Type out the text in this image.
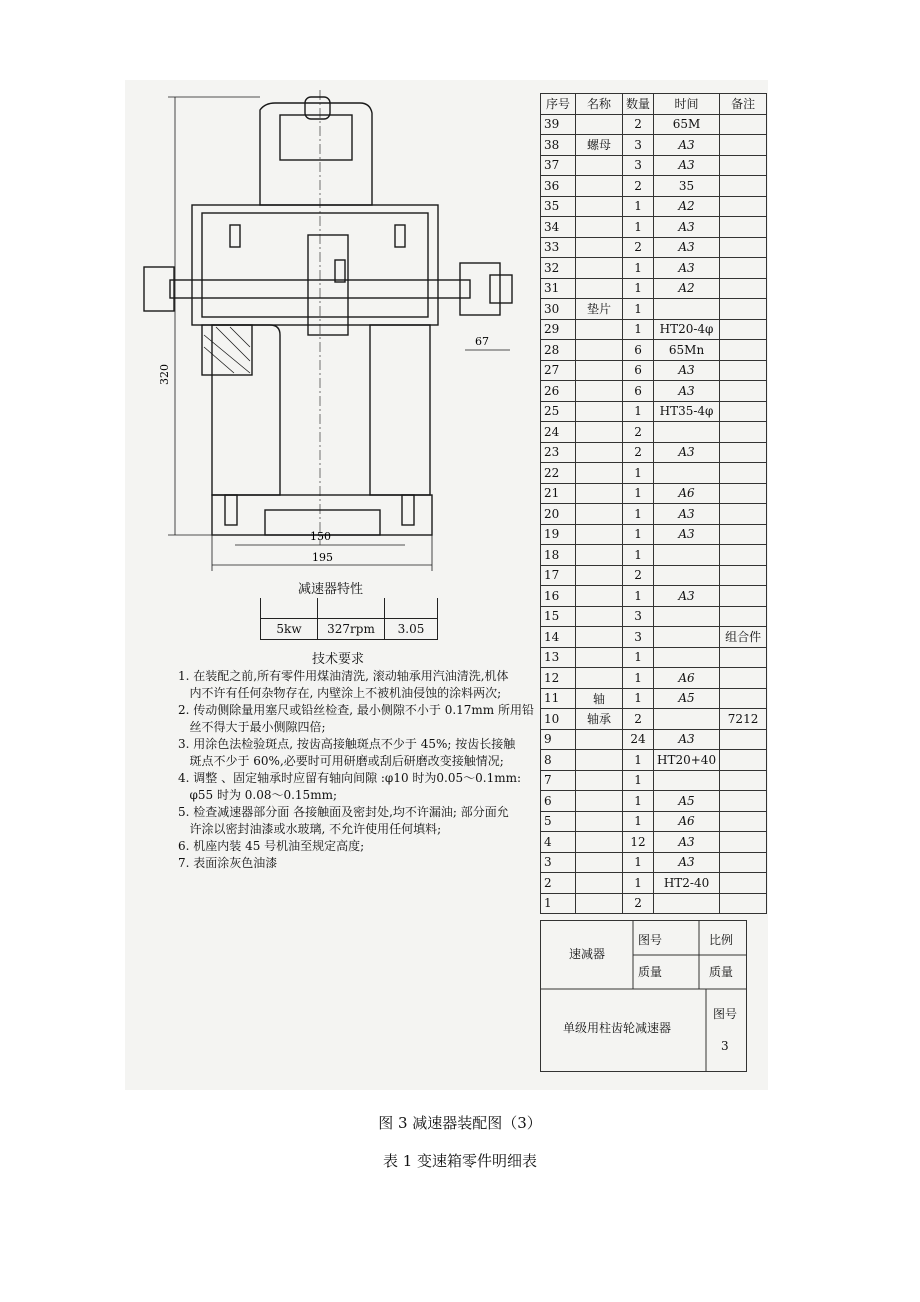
320
67
150
195
减速器特性

5kw	327rpm	3.05
技术要求
1. 在装配之前,所有零件用煤油清洗, 滚动轴承用汽油清洗,机体
内不许有任何杂物存在, 内壁涂上不被机油侵蚀的涂料两次;
2. 传动侧除量用塞尺或铅丝检查, 最小侧隙不小于 0.17mm 所用铅
丝不得大于最小侧隙四倍;
3. 用涂色法检验斑点, 按齿高接触斑点不少于 45%; 按齿长接触
斑点不少于 60%,必要时可用研磨或刮后研磨改变接触情况;
4. 调整 、固定轴承时应留有轴向间隙 :φ10 时为0.05～0.1mm:
φ55 时为 0.08～0.15mm;
5. 检查减速器部分面 各接触面及密封处,均不许漏油; 部分面允
许涂以密封油漆或水玻璃, 不允许使用任何填料;
6. 机座内装 45 号机油至规定高度;
7. 表面涂灰色油漆
39		2	65M	
38	螺母	3	A3	
37		3	A3	
36		2	35	
35		1	A2	
34		1	A3	
33		2	A3	
32		1	A3	
31		1	A2	
30	垫片	1		
29		1	HT20-4φ	
28		6	65Mn	
27		6	A3	
26		6	A3	
25		1	HT35-4φ	
24		2		
23		2	A3	
22		1		
21		1	A6	
20		1	A3	
19		1	A3	
18		1		
17		2		
16		1	A3	
15		3		
14		3		组合件
13		1		
12		1	A6	
11	轴	1	A5	
10	轴承	2		7212
9		24	A3	
8		1	HT20+40	
7		1		
6		1	A5	
5		1	A6	
4		12	A3	
3		1	A3	
2		1	HT2-40	
1		2		
序号	名称	数量	时间	备注
速减器
图号	比例
质量	质量
单级用柱齿轮减速器
图号
3
图 3 减速器装配图（3）
表 1 变速箱零件明细表
